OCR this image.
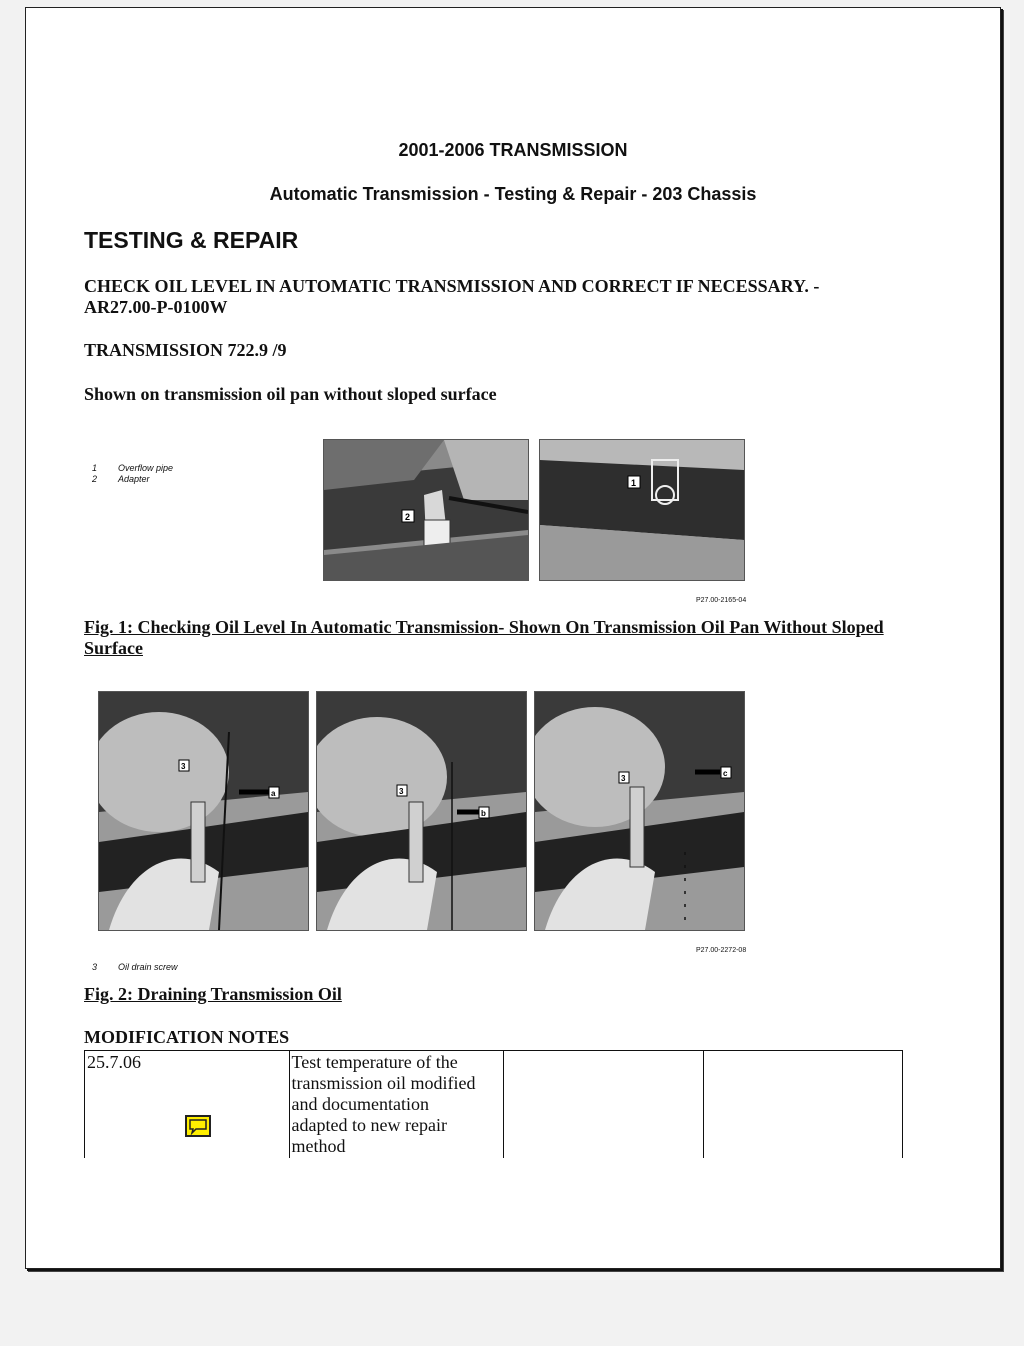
2001-2006 TRANSMISSION
Automatic Transmission - Testing & Repair - 203 Chassis
TESTING & REPAIR
CHECK OIL LEVEL IN AUTOMATIC TRANSMISSION AND CORRECT IF NECESSARY. -
AR27.00-P-0100W
TRANSMISSION 722.9 /9
Shown on transmission oil pan without sloped surface
1 Overflow pipe
2 Adapter
2
1
P27.00-2165-04
Fig. 1: Checking Oil Level In Automatic Transmission- Shown On Transmission Oil Pan Without Sloped
Surface
3
a	3
b
3
c
P27.00-2272-08
3 Oil drain screw
Fig. 2: Draining Transmission Oil
MODIFICATION NOTES
25.7.06	Test temperature of the
transmission oil modified
and documentation
adapted to new repair
method
